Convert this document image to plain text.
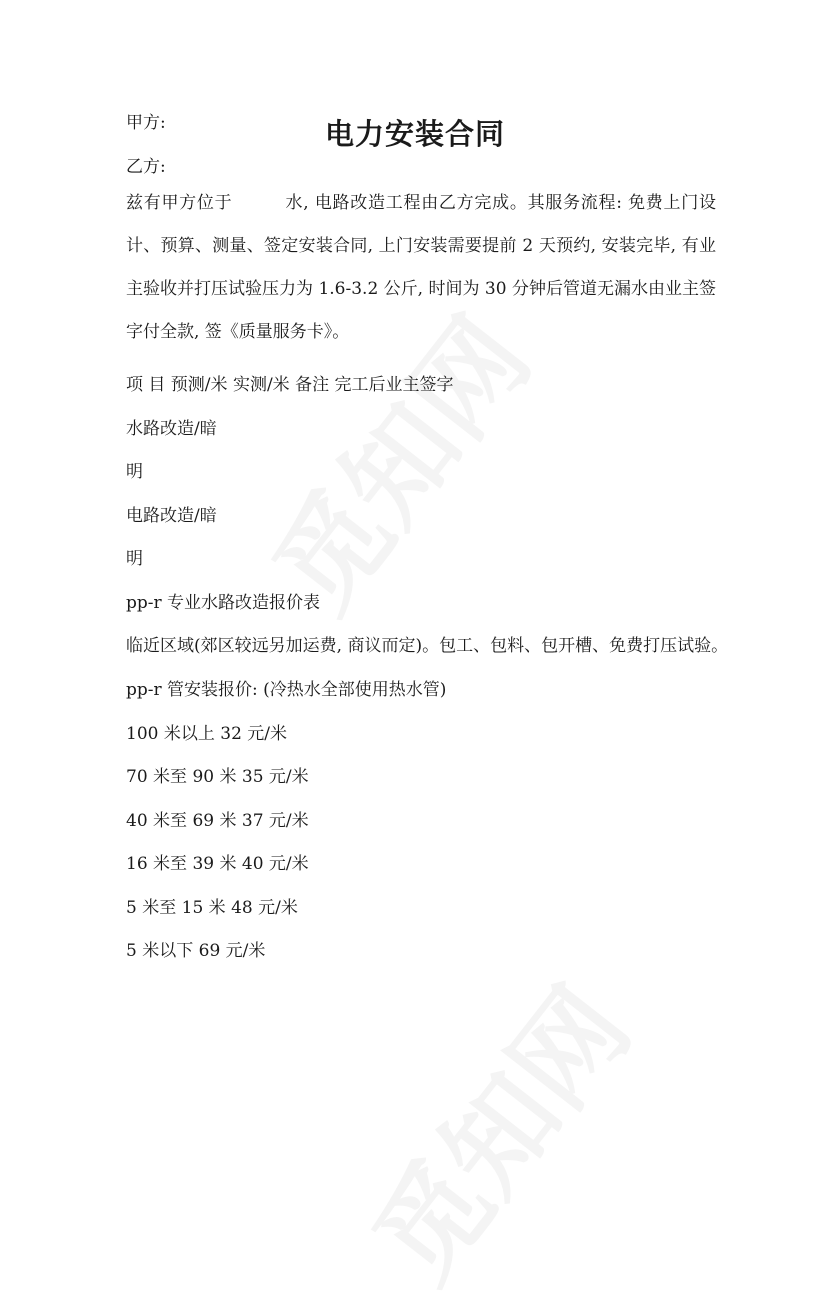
电力安装合同
甲方:
乙方:
兹有甲方位于　　　水, 电路改造工程由乙方完成。其服务流程: 免费上门设计、预算、测量、签定安装合同, 上门安装需要提前 2 天预约, 安装完毕, 有业主验收并打压试验压力为 1.6-3.2 公斤, 时间为 30 分钟后管道无漏水由业主签字付全款, 签《质量服务卡》。
项 目 预测/米 实测/米 备注 完工后业主签字
水路改造/暗
明
电路改造/暗
明
pp-r 专业水路改造报价表
临近区域(郊区较远另加运费, 商议而定)。包工、包料、包开槽、免费打压试验。
pp-r 管安装报价: (冷热水全部使用热水管)
100 米以上 32 元/米
70 米至 90 米 35 元/米
40 米至 69 米 37 元/米
16 米至 39 米 40 元/米
5 米至 15 米 48 元/米
5 米以下 69 元/米
